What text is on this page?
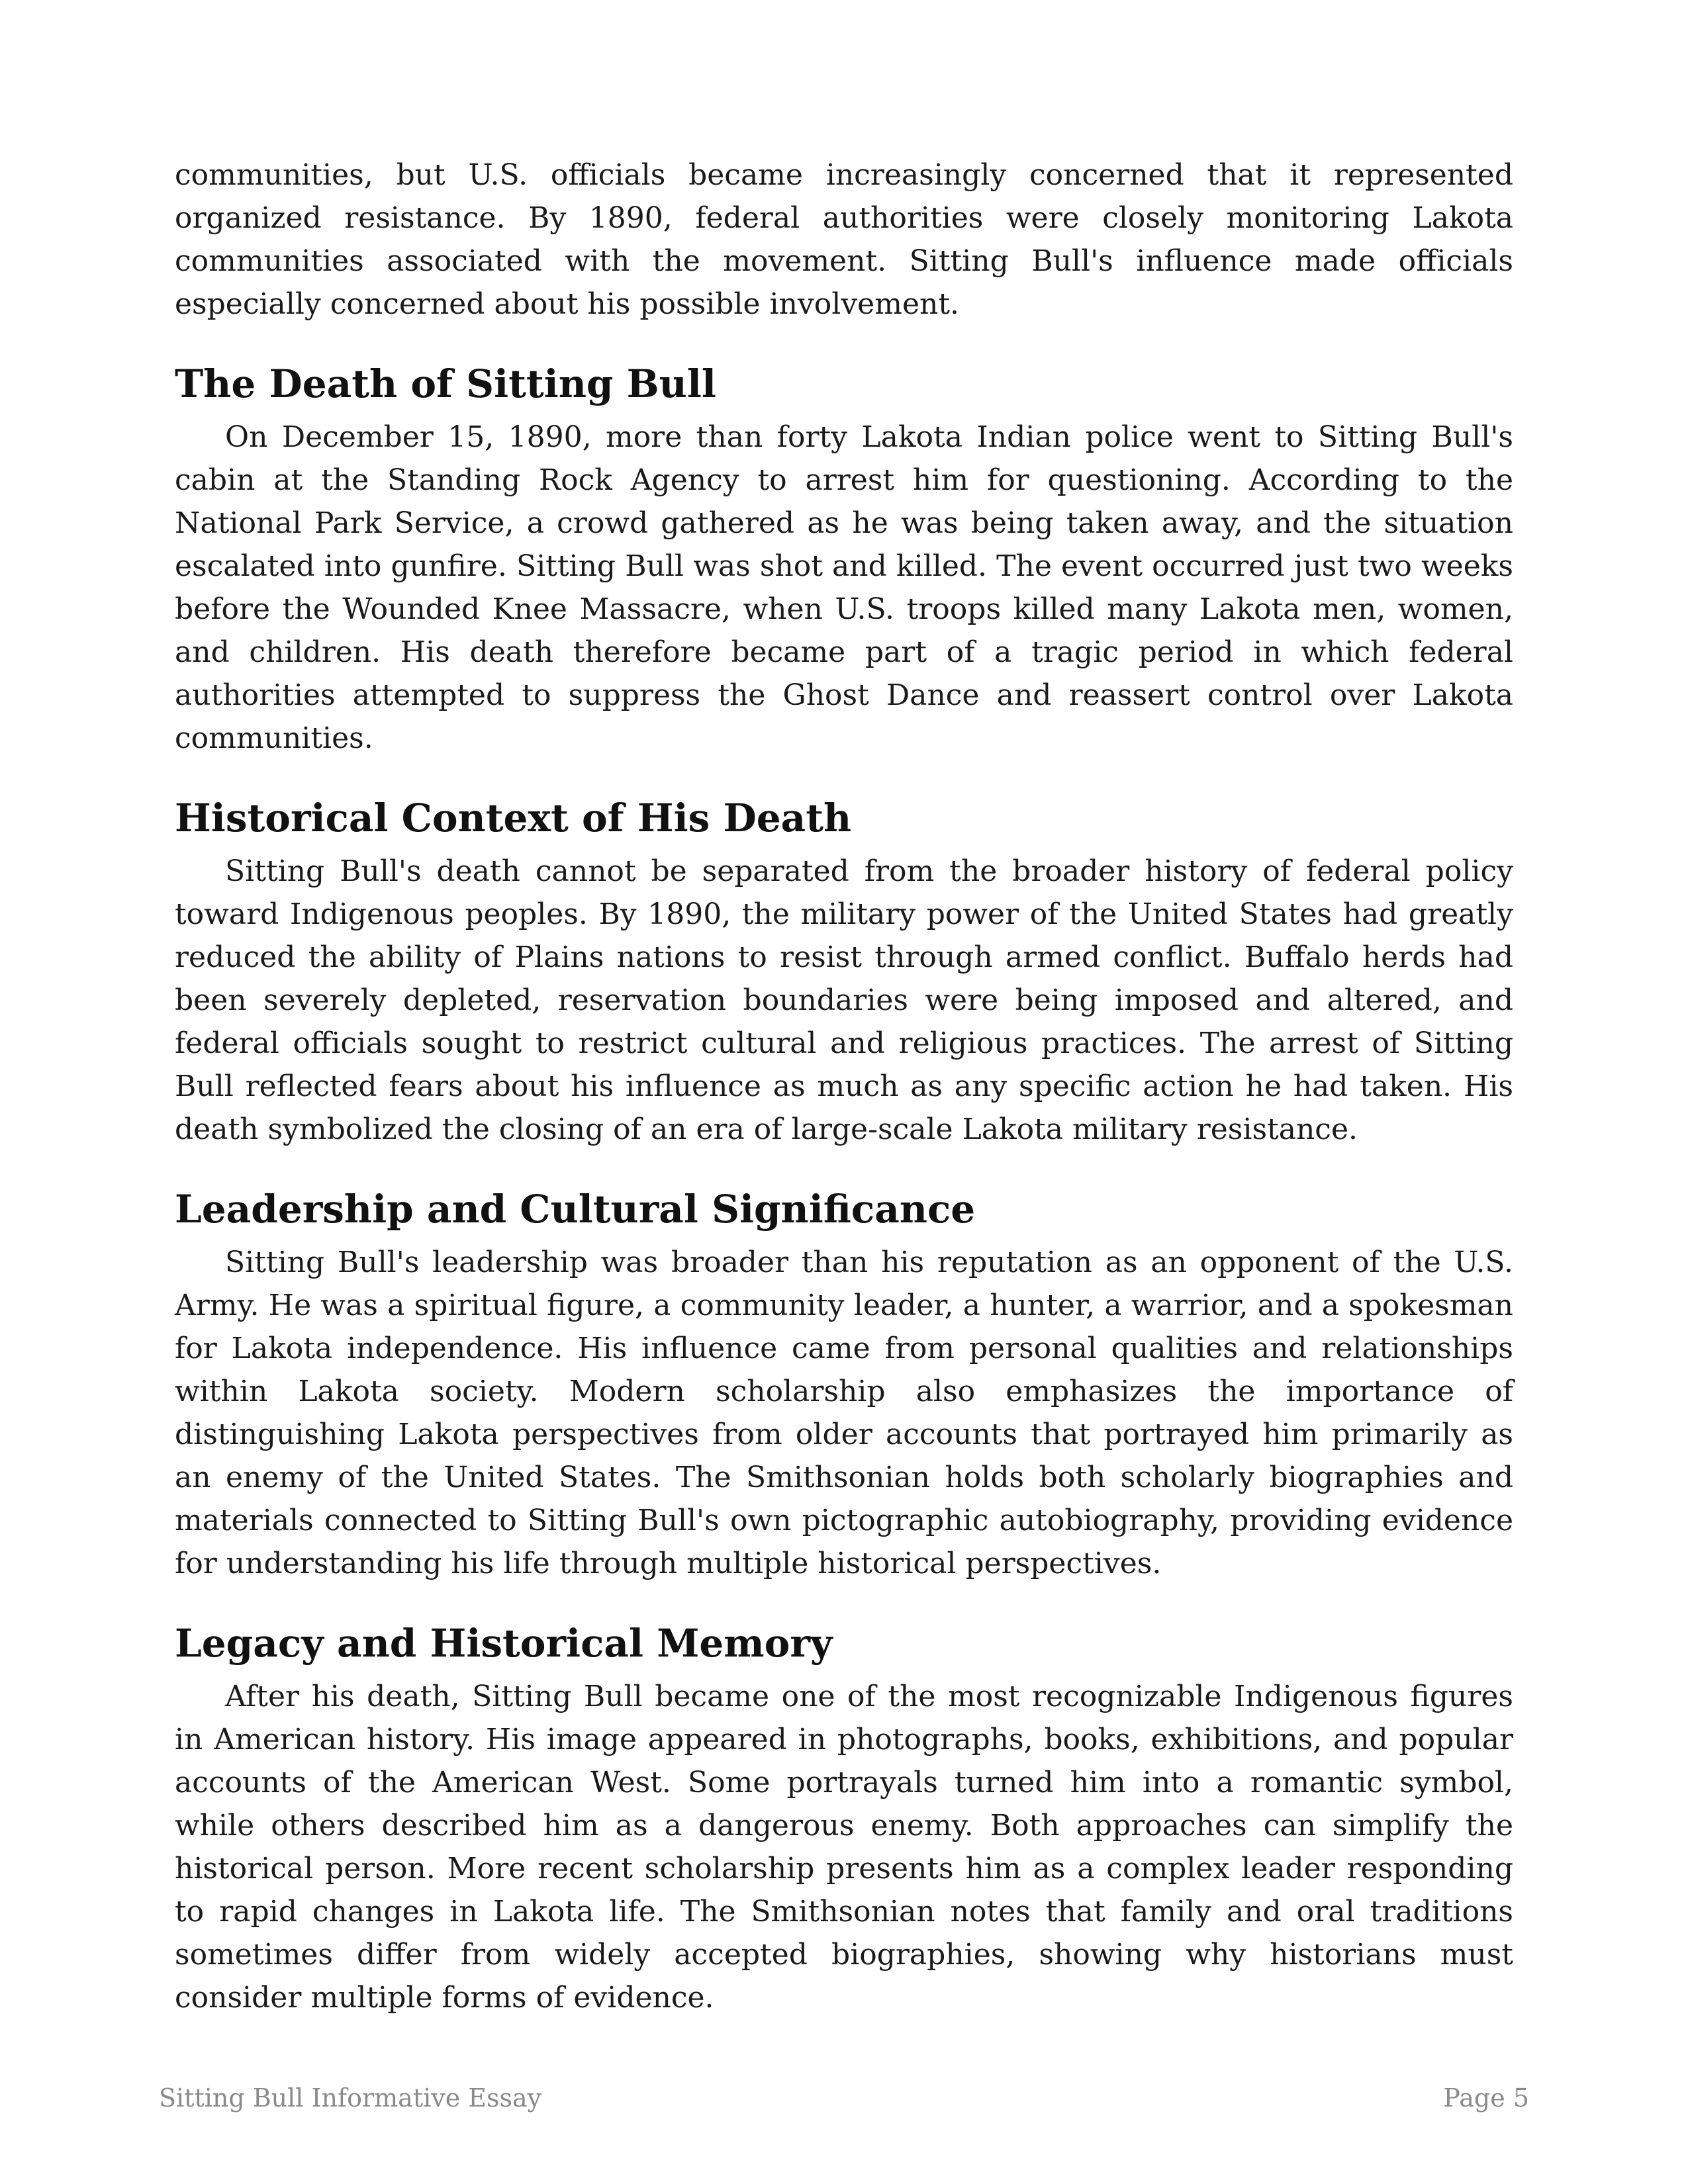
communities, but U.S. officials became increasingly concerned that it represented organized resistance. By 1890, federal authorities were closely monitoring Lakota communities associated with the movement. Sitting Bull's influence made officials especially concerned about his possible involvement.

The Death of Sitting Bull

On December 15, 1890, more than forty Lakota Indian police went to Sitting Bull's cabin at the Standing Rock Agency to arrest him for questioning. According to the National Park Service, a crowd gathered as he was being taken away, and the situation escalated into gunfire. Sitting Bull was shot and killed. The event occurred just two weeks before the Wounded Knee Massacre, when U.S. troops killed many Lakota men, women, and children. His death therefore became part of a tragic period in which federal authorities attempted to suppress the Ghost Dance and reassert control over Lakota communities.

Historical Context of His Death

Sitting Bull's death cannot be separated from the broader history of federal policy toward Indigenous peoples. By 1890, the military power of the United States had greatly reduced the ability of Plains nations to resist through armed conflict. Buffalo herds had been severely depleted, reservation boundaries were being imposed and altered, and federal officials sought to restrict cultural and religious practices. The arrest of Sitting Bull reflected fears about his influence as much as any specific action he had taken. His death symbolized the closing of an era of large-scale Lakota military resistance.

Leadership and Cultural Significance

Sitting Bull's leadership was broader than his reputation as an opponent of the U.S. Army. He was a spiritual figure, a community leader, a hunter, a warrior, and a spokesman for Lakota independence. His influence came from personal qualities and relationships within Lakota society. Modern scholarship also emphasizes the importance of distinguishing Lakota perspectives from older accounts that portrayed him primarily as an enemy of the United States. The Smithsonian holds both scholarly biographies and materials connected to Sitting Bull's own pictographic autobiography, providing evidence for understanding his life through multiple historical perspectives.

Legacy and Historical Memory

After his death, Sitting Bull became one of the most recognizable Indigenous figures in American history. His image appeared in photographs, books, exhibitions, and popular accounts of the American West. Some portrayals turned him into a romantic symbol, while others described him as a dangerous enemy. Both approaches can simplify the historical person. More recent scholarship presents him as a complex leader responding to rapid changes in Lakota life. The Smithsonian notes that family and oral traditions sometimes differ from widely accepted biographies, showing why historians must consider multiple forms of evidence.

Sitting Bull Informative Essay	Page 5
